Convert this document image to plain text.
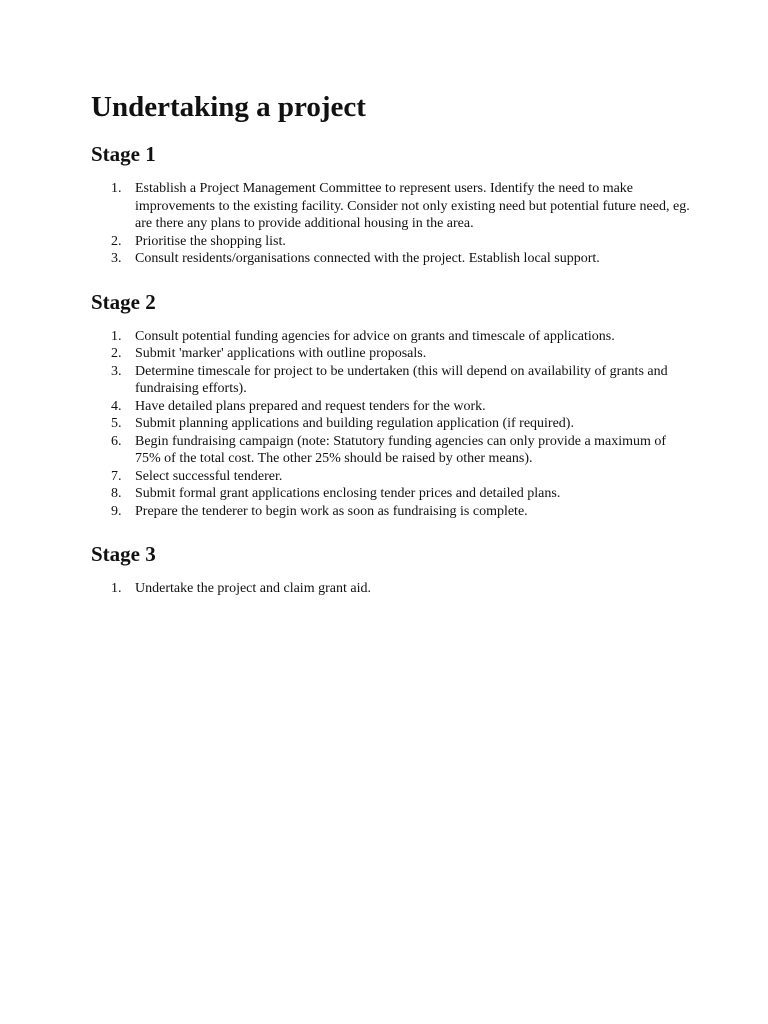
Undertaking a project
Stage 1
1. Establish a Project Management Committee to represent users. Identify the need to make improvements to the existing facility. Consider not only existing need but potential future need, eg. are there any plans to provide additional housing in the area.
2. Prioritise the shopping list.
3. Consult residents/organisations connected with the project. Establish local support.
Stage 2
1. Consult potential funding agencies for advice on grants and timescale of applications.
2. Submit 'marker' applications with outline proposals.
3. Determine timescale for project to be undertaken (this will depend on availability of grants and fundraising efforts).
4. Have detailed plans prepared and request tenders for the work.
5. Submit planning applications and building regulation application (if required).
6. Begin fundraising campaign (note: Statutory funding agencies can only provide a maximum of 75% of the total cost. The other 25% should be raised by other means).
7. Select successful tenderer.
8. Submit formal grant applications enclosing tender prices and detailed plans.
9. Prepare the tenderer to begin work as soon as fundraising is complete.
Stage 3
1. Undertake the project and claim grant aid.
